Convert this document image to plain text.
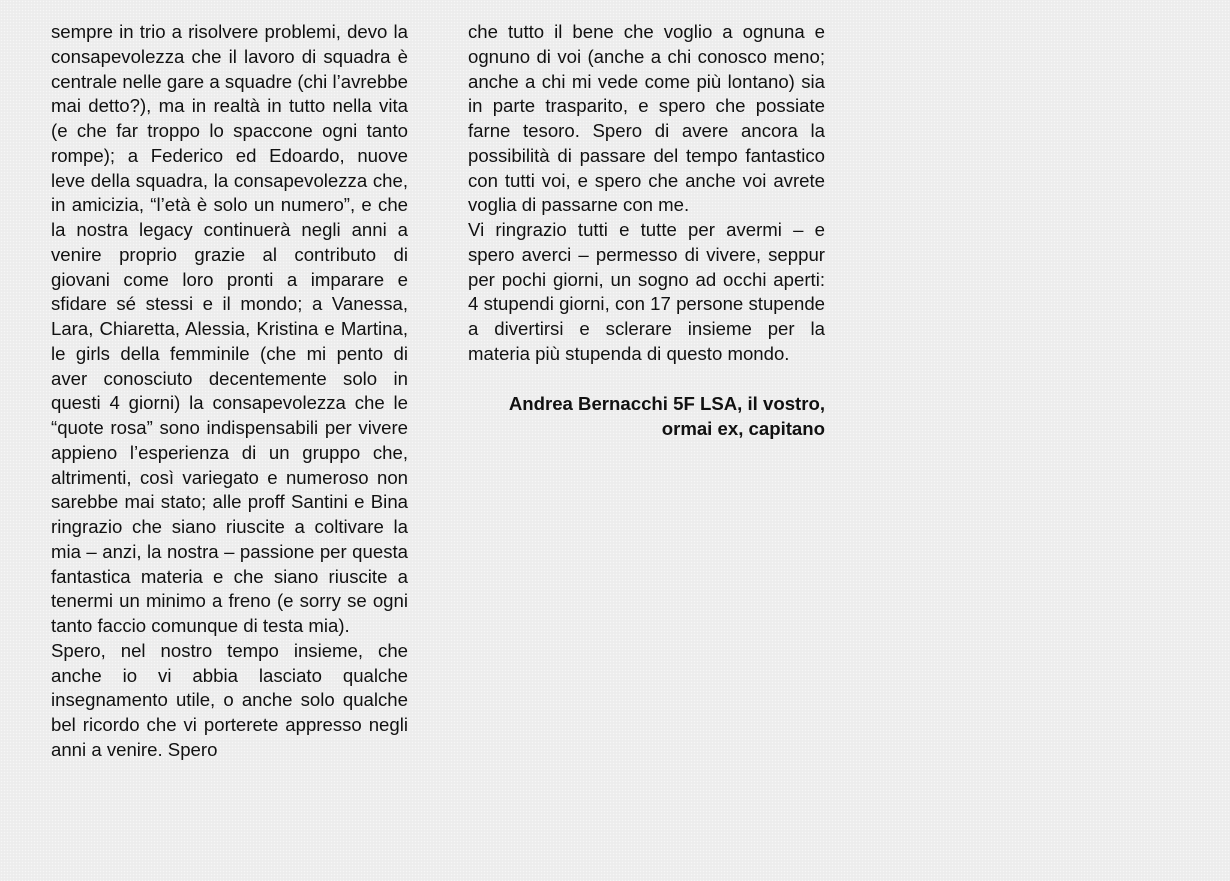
sempre in trio a risolvere problemi, devo la consapevolezza che il lavoro di squadra è centrale nelle gare a squadre (chi l’avrebbe mai detto?), ma in realtà in tutto nella vita (e che far troppo lo spaccone ogni tanto rompe); a Federico ed Edoardo, nuove leve della squadra, la consapevolezza che, in amicizia, “l’età è solo un numero”, e che la nostra legacy continuerà negli anni a venire proprio grazie al contributo di giovani come loro pronti a imparare e sfidare sé stessi e il mondo; a Vanessa, Lara, Chiaretta, Alessia, Kristina e Martina, le girls della femminile (che mi pento di aver conosciuto decentemente solo in questi 4 giorni) la consapevolezza che le “quote rosa” sono indispensabili per vivere appieno l’esperienza di un gruppo che, altrimenti, così variegato e numeroso non sarebbe mai stato; alle proff Santini e Bina ringrazio che siano riuscite a coltivare la mia – anzi, la nostra – passione per questa fantastica materia e che siano riuscite a tenermi un minimo a freno (e sorry se ogni tanto faccio comunque di testa mia).

Spero, nel nostro tempo insieme, che anche io vi abbia lasciato qualche insegnamento utile, o anche solo qualche bel ricordo che vi porterete appresso negli anni a venire. Spero

che tutto il bene che voglio a ognuna e ognuno di voi (anche a chi conosco meno; anche a chi mi vede come più lontano) sia in parte trasparito, e spero che possiate farne tesoro. Spero di avere ancora la possibilità di passare del tempo fantastico con tutti voi, e spero che anche voi avrete voglia di passarne con me.

Vi ringrazio tutti e tutte per avermi – e spero averci – permesso di vivere, seppur per pochi giorni, un sogno ad occhi aperti: 4 stupendi giorni, con 17 persone stupende a divertirsi e sclerare insieme per la materia più stupenda di questo mondo.

Andrea Bernacchi 5F LSA, il vostro,
ormai ex, capitano
